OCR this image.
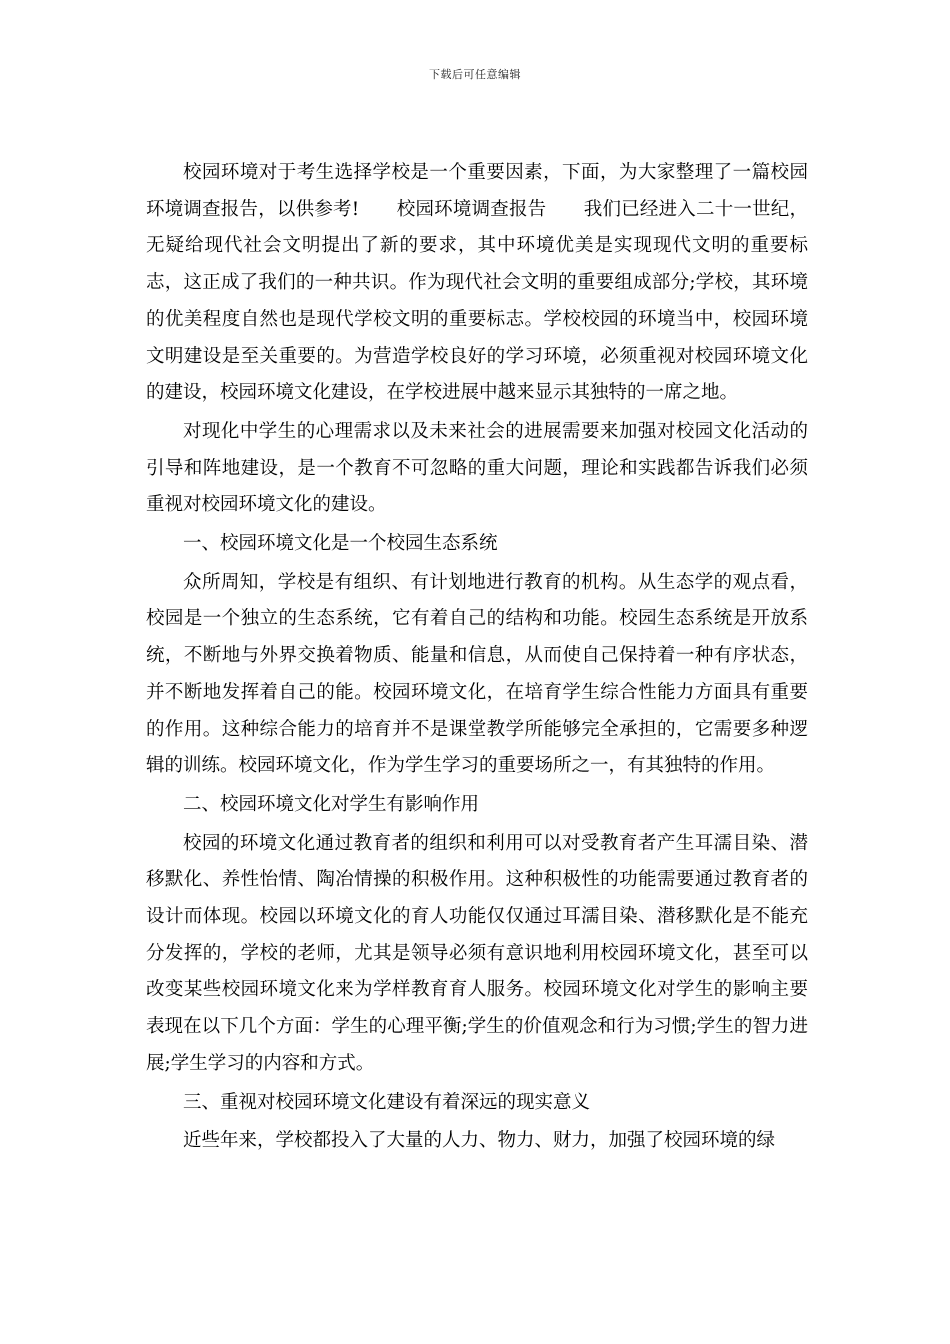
下载后可任意编辑

校园环境对于考生选择学校是一个重要因素，下面，为大家整理了一篇校园环境调查报告，以供参考!　　校园环境调查报告　　我们已经进入二十一世纪，无疑给现代社会文明提出了新的要求，其中环境优美是实现现代文明的重要标志，这正成了我们的一种共识。作为现代社会文明的重要组成部分;学校，其环境的优美程度自然也是现代学校文明的重要标志。学校校园的环境当中，校园环境文明建设是至关重要的。为营造学校良好的学习环境，必须重视对校园环境文化的建设，校园环境文化建设，在学校进展中越来显示其独特的一席之地。

对现化中学生的心理需求以及未来社会的进展需要来加强对校园文化活动的引导和阵地建设，是一个教育不可忽略的重大问题，理论和实践都告诉我们必须重视对校园环境文化的建设。

一、校园环境文化是一个校园生态系统

众所周知，学校是有组织、有计划地进行教育的机构。从生态学的观点看，校园是一个独立的生态系统，它有着自己的结构和功能。校园生态系统是开放系统，不断地与外界交换着物质、能量和信息，从而使自己保持着一种有序状态，并不断地发挥着自己的能。校园环境文化，在培育学生综合性能力方面具有重要的作用。这种综合能力的培育并不是课堂教学所能够完全承担的，它需要多种逻辑的训练。校园环境文化，作为学生学习的重要场所之一，有其独特的作用。

二、校园环境文化对学生有影响作用

校园的环境文化通过教育者的组织和利用可以对受教育者产生耳濡目染、潜移默化、养性怡情、陶冶情操的积极作用。这种积极性的功能需要通过教育者的设计而体现。校园以环境文化的育人功能仅仅通过耳濡目染、潜移默化是不能充分发挥的，学校的老师，尤其是领导必须有意识地利用校园环境文化，甚至可以改变某些校园环境文化来为学样教育育人服务。校园环境文化对学生的影响主要表现在以下几个方面：学生的心理平衡;学生的价值观念和行为习惯;学生的智力进展;学生学习的内容和方式。

三、重视对校园环境文化建设有着深远的现实意义

近些年来，学校都投入了大量的人力、物力、财力，加强了校园环境的绿
